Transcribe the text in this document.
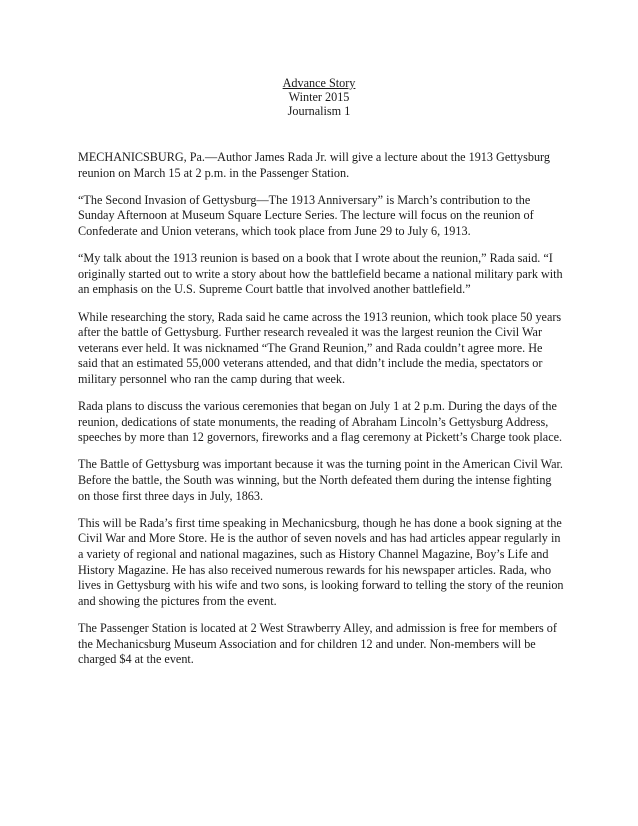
Advance Story
Winter 2015
Journalism 1

MECHANICSBURG, Pa.—Author James Rada Jr. will give a lecture about the 1913 Gettysburg reunion on March 15 at 2 p.m. in the Passenger Station.

“The Second Invasion of Gettysburg—The 1913 Anniversary” is March’s contribution to the Sunday Afternoon at Museum Square Lecture Series. The lecture will focus on the reunion of Confederate and Union veterans, which took place from June 29 to July 6, 1913.

“My talk about the 1913 reunion is based on a book that I wrote about the reunion,” Rada said. “I originally started out to write a story about how the battlefield became a national military park with an emphasis on the U.S. Supreme Court battle that involved another battlefield.”

While researching the story, Rada said he came across the 1913 reunion, which took place 50 years after the battle of Gettysburg. Further research revealed it was the largest reunion the Civil War veterans ever held. It was nicknamed “The Grand Reunion,” and Rada couldn’t agree more. He said that an estimated 55,000 veterans attended, and that didn’t include the media, spectators or military personnel who ran the camp during that week.

Rada plans to discuss the various ceremonies that began on July 1 at 2 p.m. During the days of the reunion, dedications of state monuments, the reading of Abraham Lincoln’s Gettysburg Address, speeches by more than 12 governors, fireworks and a flag ceremony at Pickett’s Charge took place.

The Battle of Gettysburg was important because it was the turning point in the American Civil War. Before the battle, the South was winning, but the North defeated them during the intense fighting on those first three days in July, 1863.

This will be Rada’s first time speaking in Mechanicsburg, though he has done a book signing at the Civil War and More Store. He is the author of seven novels and has had articles appear regularly in a variety of regional and national magazines, such as History Channel Magazine, Boy’s Life and History Magazine. He has also received numerous rewards for his newspaper articles. Rada, who lives in Gettysburg with his wife and two sons, is looking forward to telling the story of the reunion and showing the pictures from the event.

The Passenger Station is located at 2 West Strawberry Alley, and admission is free for members of the Mechanicsburg Museum Association and for children 12 and under. Non-members will be charged $4 at the event.
